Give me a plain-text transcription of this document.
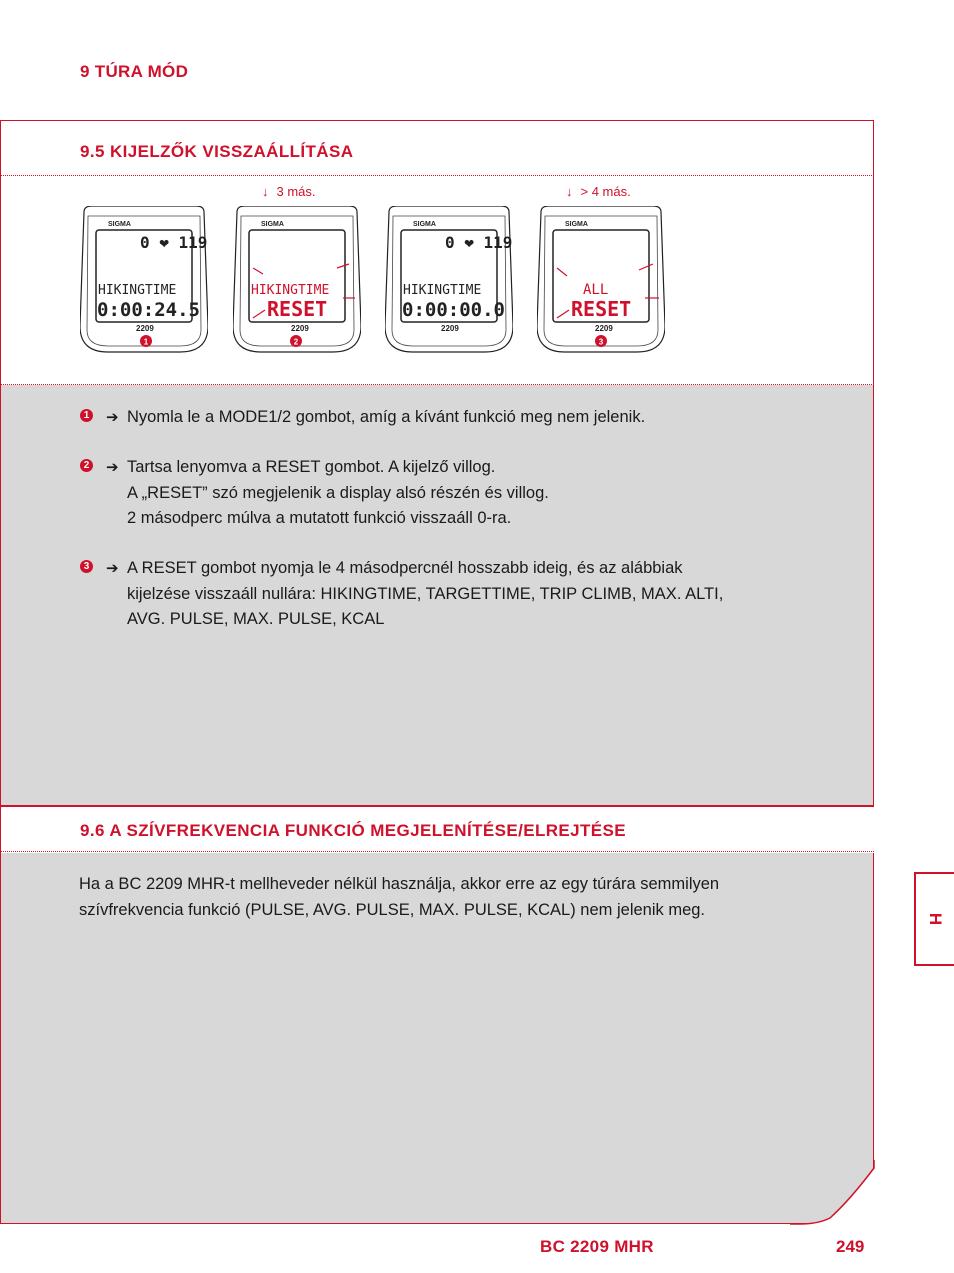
9 TÚRA MÓD
9.5 KIJELZŐK VISSZAÁLLÍTÁSA
9.6 A SZÍVFREKVENCIA FUNKCIÓ MEGJELENÍTÉSE/ELREJTÉSE
↓ 3 más.	↓ > 4 más.
SIGMA
0 ❤ 119
HIKINGTIME
0:00:24.5
2209
1
SIGMA
HIKINGTIME
RESET
2209
2
SIGMA
0 ❤ 119
HIKINGTIME
0:00:00.0
2209
SIGMA
ALL
RESET
2209
3
1 ➔ Nyomla le a MODE1/2 gombot, amíg a kívánt funkció meg nem jelenik.
2 ➔ Tartsa lenyomva a RESET gombot. A kijelző villog.
A „RESET” szó megjelenik a display alsó részén és villog.
2 másodperc múlva a mutatott funkció visszaáll 0-ra.
3 ➔ A RESET gombot nyomja le 4 másodpercnél hosszabb ideig, és az alábbiak
kijelzése visszaáll nullára: HIKINGTIME, TARGETTIME, TRIP CLIMB, MAX. ALTI,
AVG. PULSE, MAX. PULSE, KCAL
Ha a BC 2209 MHR-t mellheveder nélkül használja, akkor erre az egy túrára semmilyen
szívfrekvencia funkció (PULSE, AVG. PULSE, MAX. PULSE, KCAL) nem jelenik meg.
H
BC 2209 MHR	249
